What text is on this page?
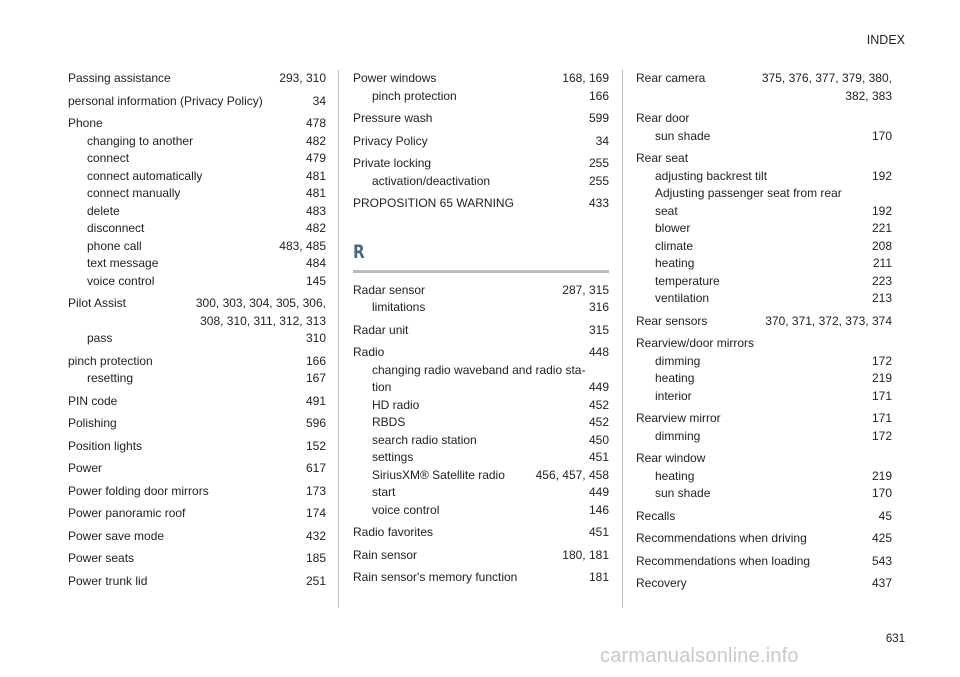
INDEX
Passing assistance	293, 310
personal information (Privacy Policy)	34
Phone	478
changing to another	482
connect	479
connect automatically	481
connect manually	481
delete	483
disconnect	482
phone call	483, 485
text message	484
voice control	145
Pilot Assist	300, 303, 304, 305, 306,
308, 310, 311, 312, 313
pass	310
pinch protection	166
resetting	167
PIN code	491
Polishing	596
Position lights	152
Power	617
Power folding door mirrors	173
Power panoramic roof	174
Power save mode	432
Power seats	185
Power trunk lid	251
Power windows	168, 169
pinch protection	166
Pressure wash	599
Privacy Policy	34
Private locking	255
activation/deactivation	255
PROPOSITION 65 WARNING	433
R
Radar sensor	287, 315
limitations	316
Radar unit	315
Radio	448
changing radio waveband and radio sta-
tion	449
HD radio	452
RBDS	452
search radio station	450
settings	451
SiriusXM® Satellite radio	456, 457, 458
start	449
voice control	146
Radio favorites	451
Rain sensor	180, 181
Rain sensor's memory function	181
Rear camera	375, 376, 377, 379, 380,
382, 383
Rear door
sun shade	170
Rear seat
adjusting backrest tilt	192
Adjusting passenger seat from rear
seat	192
blower	221
climate	208
heating	211
temperature	223
ventilation	213
Rear sensors	370, 371, 372, 373, 374
Rearview/door mirrors
dimming	172
heating	219
interior	171
Rearview mirror	171
dimming	172
Rear window
heating	219
sun shade	170
Recalls	45
Recommendations when driving	425
Recommendations when loading	543
Recovery	437
631
carmanualsonline.info
